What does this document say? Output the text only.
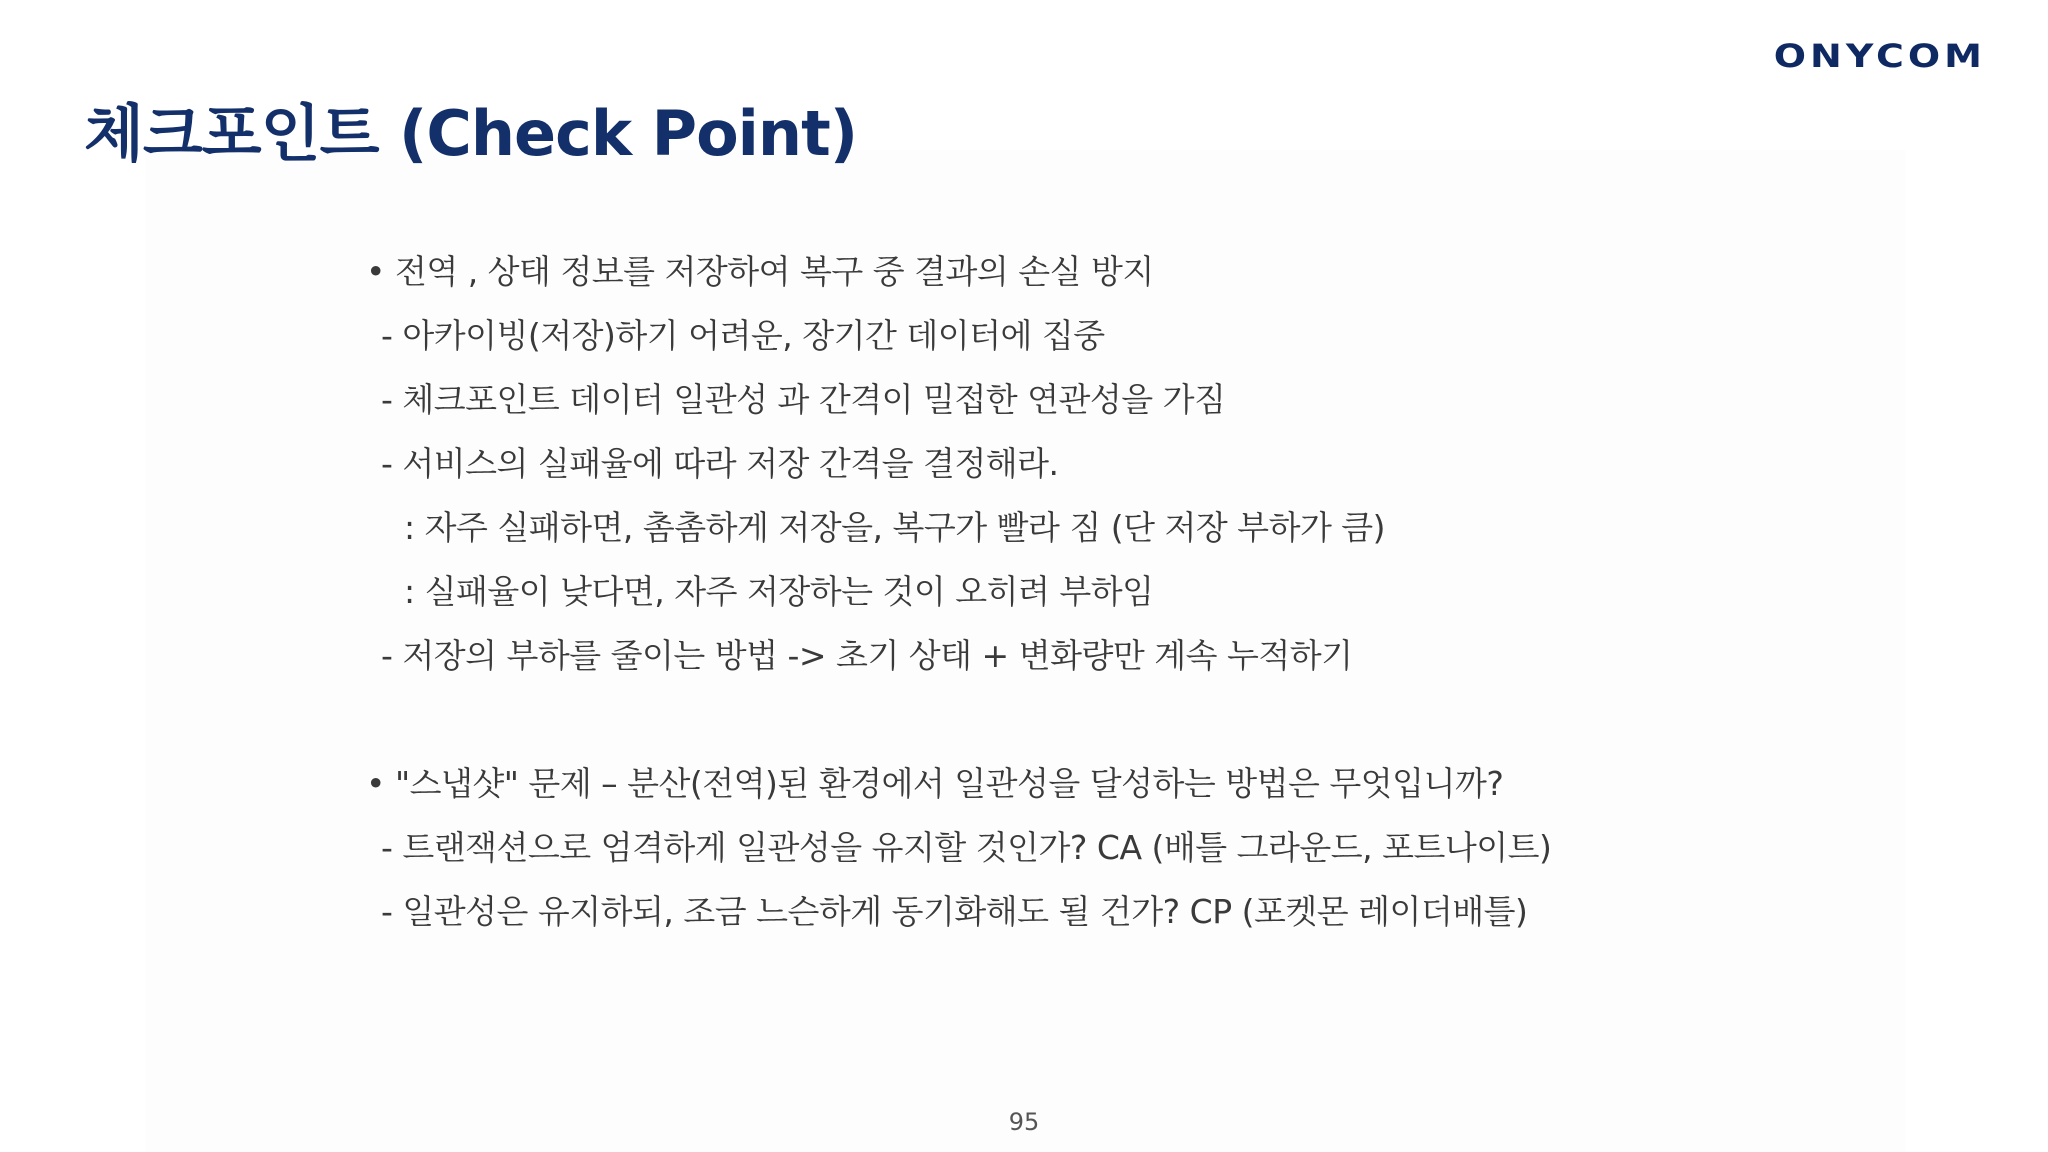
ONYCOM
체크포인트 (Check Point)
• 전역 , 상태 정보를 저장하여 복구 중 결과의 손실 방지
- 아카이빙(저장)하기 어려운, 장기간 데이터에 집중
- 체크포인트 데이터 일관성 과 간격이 밀접한 연관성을 가짐
- 서비스의 실패율에 따라 저장 간격을 결정해라.
: 자주 실패하면, 촘촘하게 저장을, 복구가 빨라 짐 (단 저장 부하가 큼)
: 실패율이 낮다면, 자주 저장하는 것이 오히려 부하임
- 저장의 부하를 줄이는 방법 -> 초기 상태 + 변화량만 계속 누적하기
• "스냅샷" 문제 – 분산(전역)된 환경에서 일관성을 달성하는 방법은 무엇입니까?
- 트랜잭션으로 엄격하게 일관성을 유지할 것인가? CA (배틀 그라운드, 포트나이트)
- 일관성은 유지하되, 조금 느슨하게 동기화해도 될 건가? CP (포켓몬 레이더배틀)
95
